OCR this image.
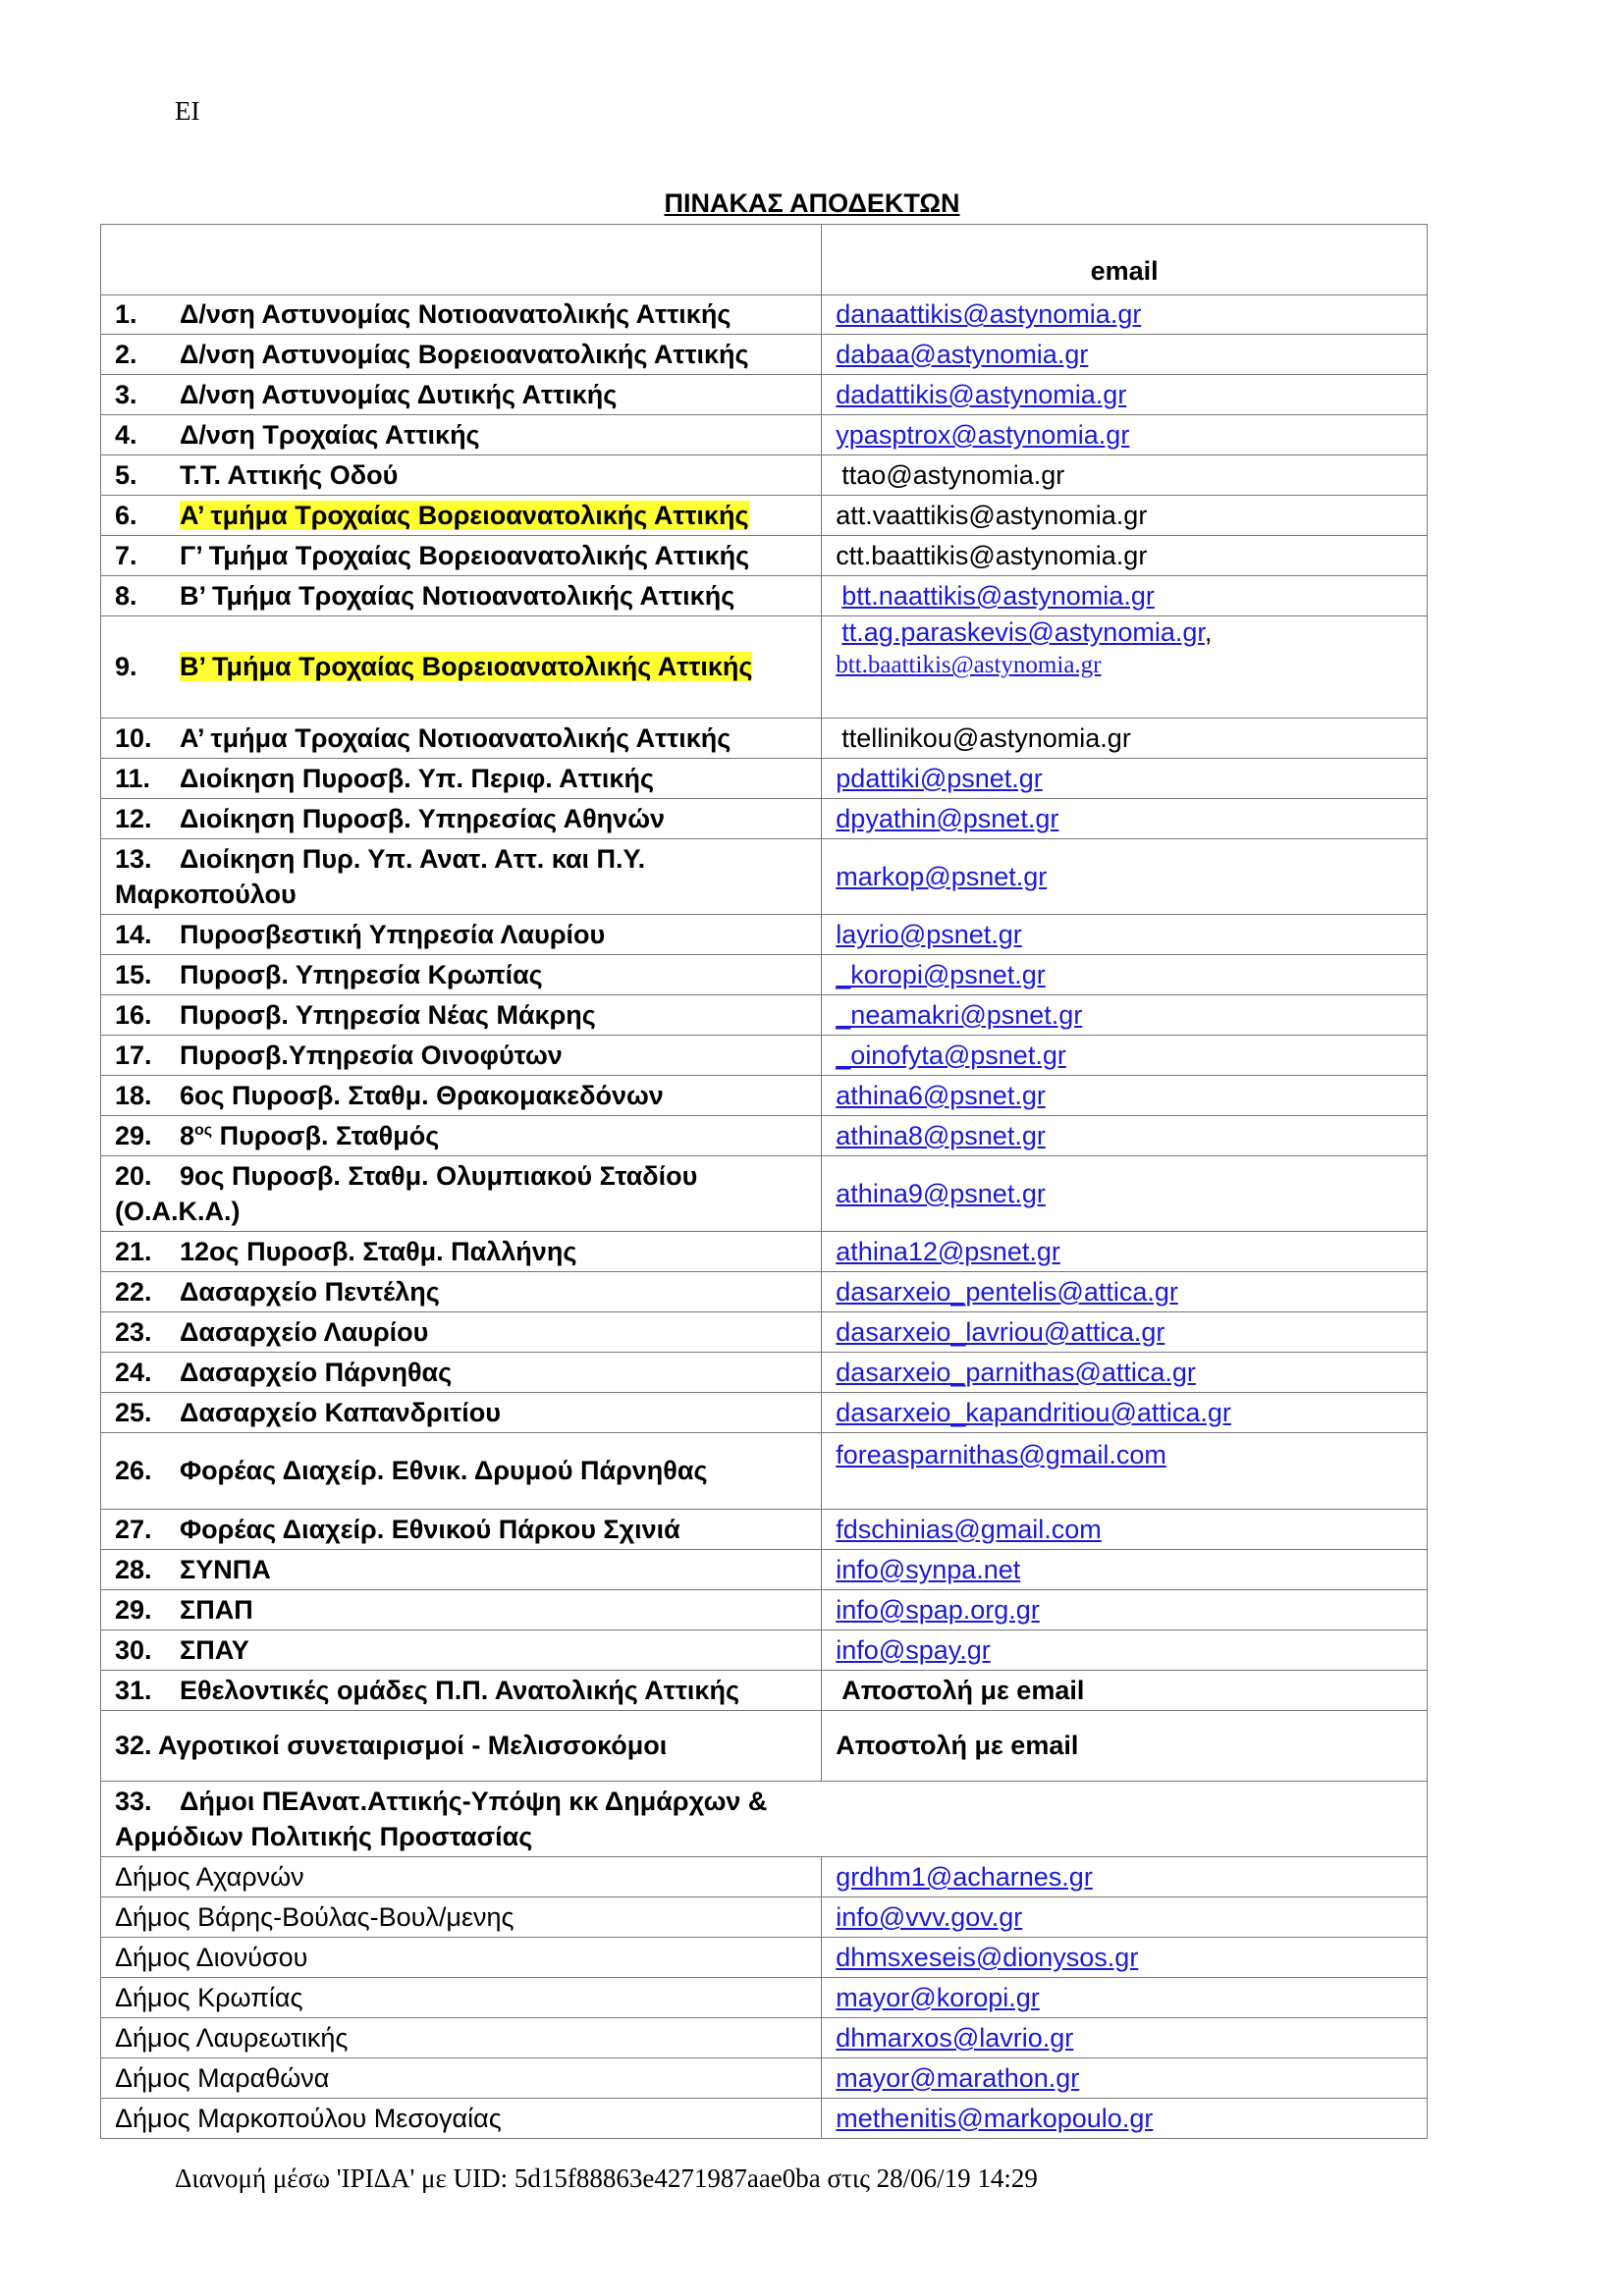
ΕΙ
ΠΙΝΑΚΑΣ ΑΠΟΔΕΚΤΩΝ
	email
1. Δ/νση Αστυνομίας Νοτιοανατολικής Αττικής	danaattikis@astynomia.gr
2. Δ/νση Αστυνομίας Βορειοανατολικής Αττικής	dabaa@astynomia.gr
3. Δ/νση Αστυνομίας Δυτικής Αττικής	dadattikis@astynomia.gr
4. Δ/νση Τροχαίας Αττικής	ypasptrox@astynomia.gr
5. Τ.Τ. Αττικής Οδού	ttao@astynomia.gr
6. Α’ τμήμα Τροχαίας Βορειοανατολικής Αττικής	att.vaattikis@astynomia.gr
7. Γ’ Τμήμα Τροχαίας Βορειοανατολικής Αττικής	ctt.baattikis@astynomia.gr
8. Β’ Τμήμα Τροχαίας Νοτιοανατολικής Αττικής	btt.naattikis@astynomia.gr
9. Β’ Τμήμα Τροχαίας Βορειοανατολικής Αττικής	tt.ag.paraskevis@astynomia.gr,
btt.baattikis@astynomia.gr
10. Α’ τμήμα Τροχαίας Νοτιοανατολικής Αττικής	ttellinikou@astynomia.gr
11. Διοίκηση Πυροσβ. Υπ. Περιφ. Αττικής	pdattiki@psnet.gr
12. Διοίκηση Πυροσβ. Υπηρεσίας Αθηνών	dpyathin@psnet.gr
13. Διοίκηση Πυρ. Υπ. Ανατ. Αττ. και Π.Υ.
Μαρκοπούλου	markop@psnet.gr
14. Πυροσβεστική Υπηρεσία Λαυρίου	layrio@psnet.gr
15. Πυροσβ. Υπηρεσία Κρωπίας	_koropi@psnet.gr
16. Πυροσβ. Υπηρεσία Νέας Μάκρης	_neamakri@psnet.gr
17. Πυροσβ.Υπηρεσία Οινοφύτων	_oinofyta@psnet.gr
18. 6ος Πυροσβ. Σταθμ. Θρακομακεδόνων	athina6@psnet.gr
29. $8^{o\varsigma}$ Πυροσβ. Σταθμός	athina8@psnet.gr
20. 9ος Πυροσβ. Σταθμ. Ολυμπιακού Σταδίου
(Ο.Α.Κ.Α.)	athina9@psnet.gr
21. 12ος Πυροσβ. Σταθμ. Παλλήνης	athina12@psnet.gr
22. Δασαρχείο Πεντέλης	dasarxeio_pentelis@attica.gr
23. Δασαρχείο Λαυρίου	dasarxeio_lavriou@attica.gr
24. Δασαρχείο Πάρνηθας	dasarxeio_parnithas@attica.gr
25. Δασαρχείο Καπανδριτίου	dasarxeio_kapandritiou@attica.gr
26. Φορέας Διαχείρ. Εθνικ. Δρυμού Πάρνηθας	foreasparnithas@gmail.com
27. Φορέας Διαχείρ. Εθνικού Πάρκου Σχινιά	fdschinias@gmail.com
28. ΣΥΝΠΑ	info@synpa.net
29. ΣΠΑΠ	info@spap.org.gr
30. ΣΠΑΥ	info@spay.gr
31. Εθελοντικές ομάδες Π.Π. Ανατολικής Αττικής	Αποστολή με email
32. Αγροτικοί συνεταιρισμοί - Μελισσοκόμοι	Αποστολή με email
33. Δήμοι ΠΕΑνατ.Αττικής-Υπόψη κκ Δημάρχων &
Αρμόδιων Πολιτικής Προστασίας	
Δήμος Αχαρνών	grdhm1@acharnes.gr
Δήμος Βάρης-Βούλας-Βουλ/μενης	info@vvv.gov.gr
Δήμος Διονύσου	dhmsxeseis@dionysos.gr
Δήμος Κρωπίας	mayor@koropi.gr
Δήμος Λαυρεωτικής	dhmarxos@lavrio.gr
Δήμος Μαραθώνα	mayor@marathon.gr
Δήμος Μαρκοπούλου Μεσογαίας	methenitis@markopoulo.gr
Διανομή μέσω 'ΙΡΙΔΑ' με UID: 5d15f88863e4271987aae0ba στις 28/06/19 14:29
